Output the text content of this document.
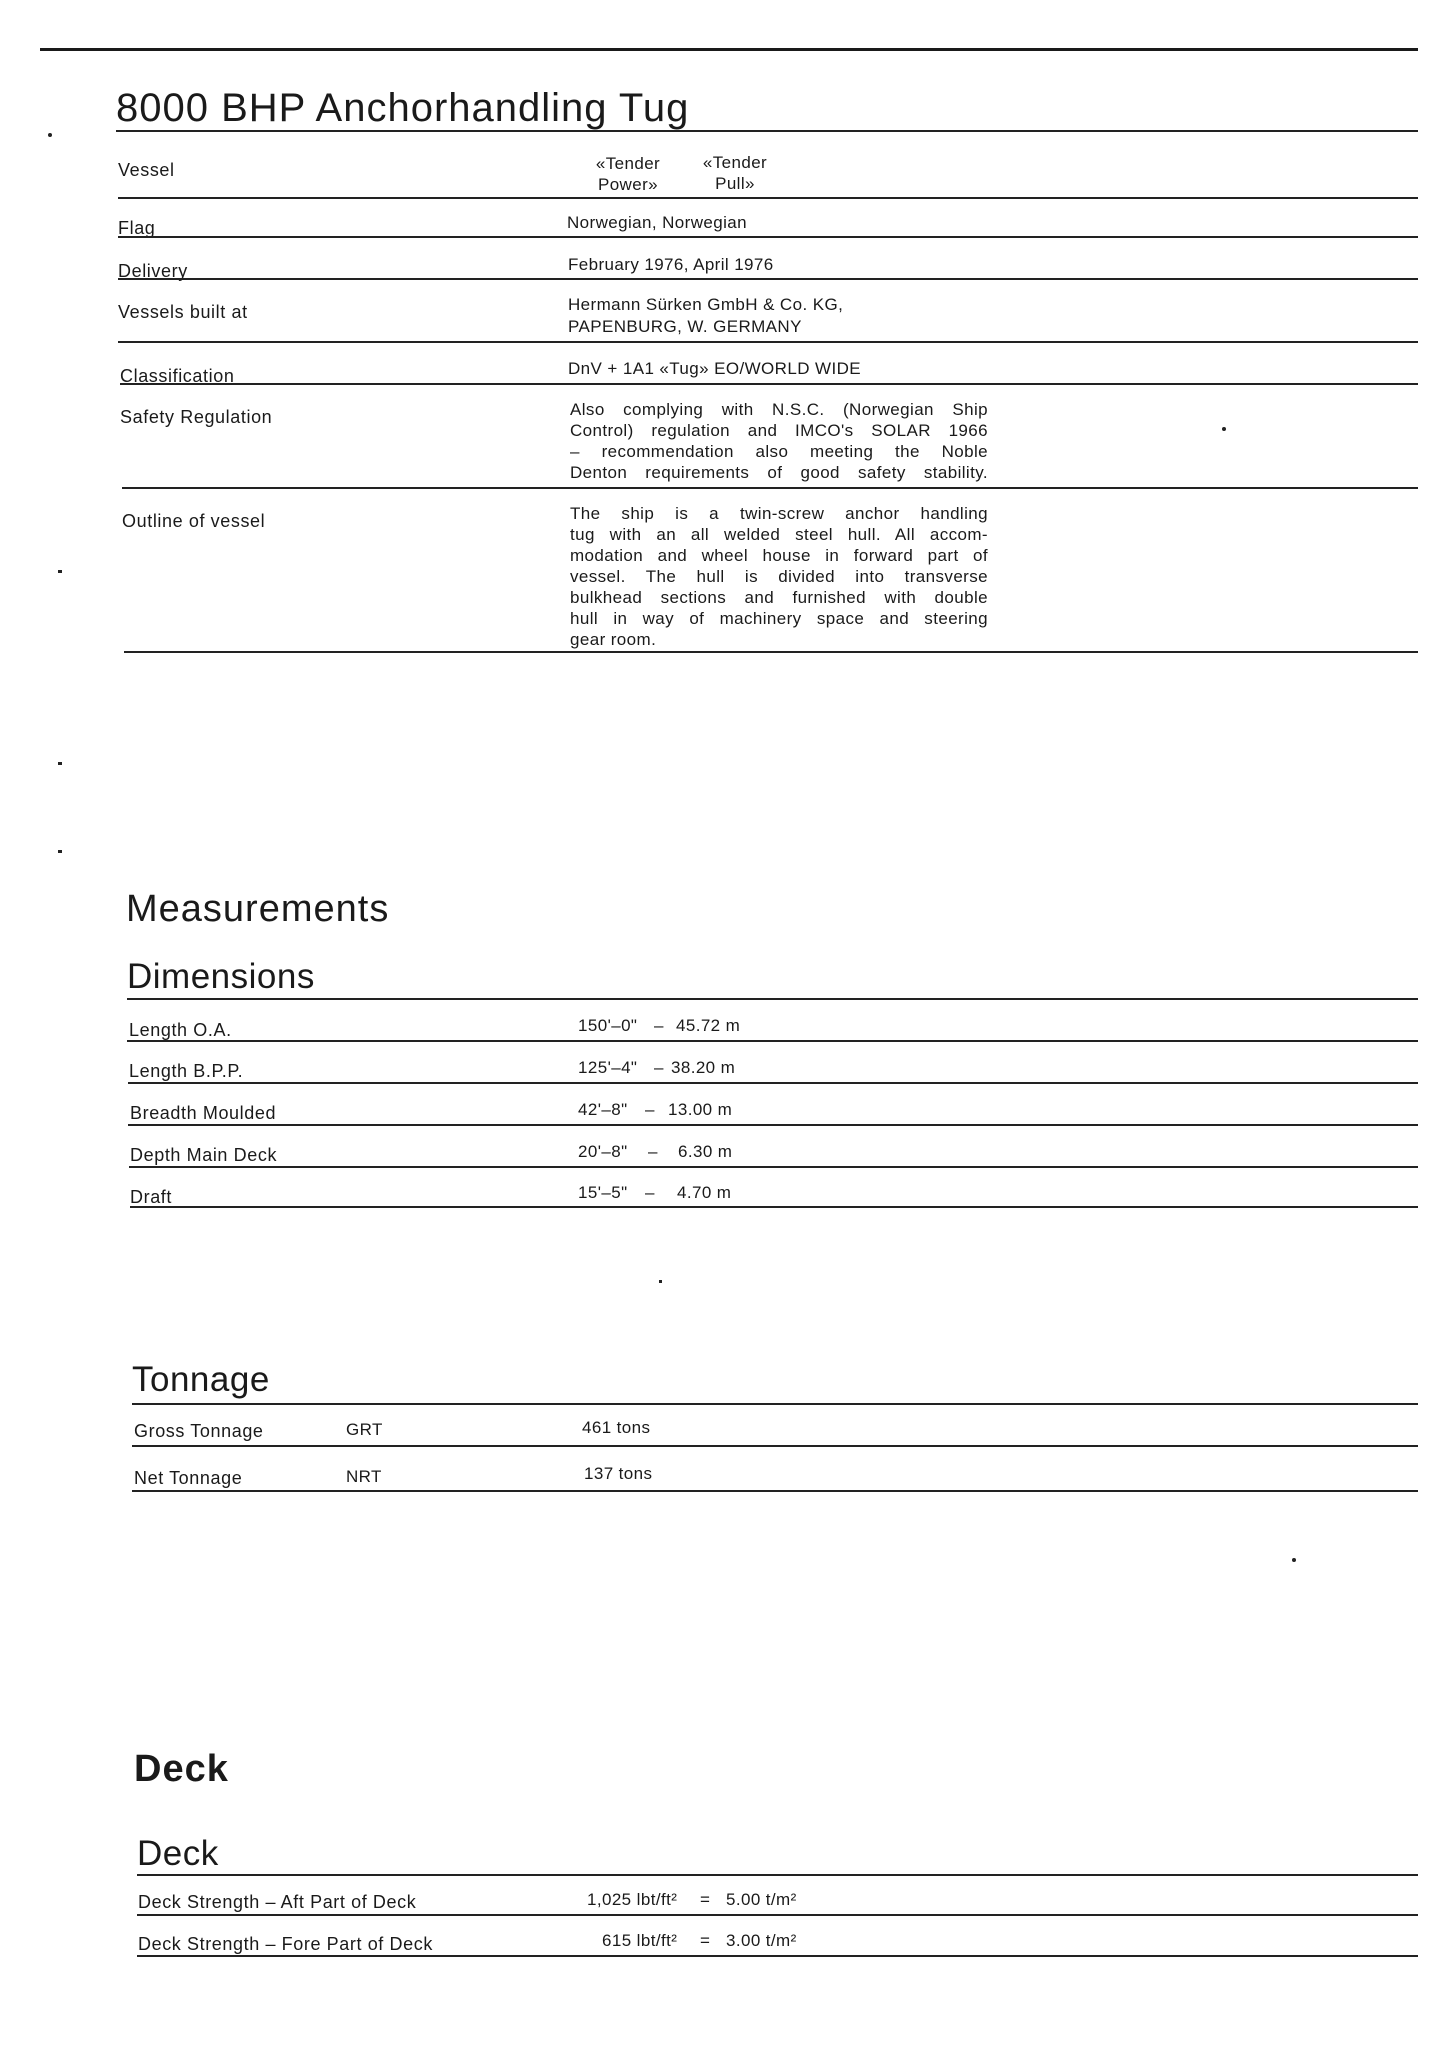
8000 BHP Anchorhandling Tug
Vessel	«Tender
Power»
«Tender
Pull»
Flag	Norwegian, Norwegian
Delivery	February 1976, April 1976
Vessels built at	Hermann Sürken GmbH & Co. KG,
PAPENBURG, W. GERMANY
Classification	DnV + 1A1 «Tug» EO/WORLD WIDE
Safety Regulation	Also complying with N.S.C. (Norwegian Ship
Control) regulation and IMCO's SOLAR 1966
– recommendation also meeting the Noble
Denton requirements of good safety stability.
Outline of vessel	The ship is a twin-screw anchor handling
tug with an all welded steel hull. All accom-
modation and wheel house in forward part of
vessel. The hull is divided into transverse
bulkhead sections and furnished with double
hull in way of machinery space and steering
gear room.
Measurements
Dimensions
Length O.A.	150'–0" – 45.72 m
Length B.P.P.	125'–4" – 38.20 m
Breadth Moulded	42'–8" – 13.00 m
Depth Main Deck	20'–8" – 6.30 m
Draft	15'–5" – 4.70 m
Tonnage
Gross Tonnage	GRT	461 tons
Net Tonnage	NRT	137 tons
Deck
Deck
Deck Strength – Aft Part of Deck	1,025 lbt/ft² = 5.00 t/m²
Deck Strength – Fore Part of Deck	615 lbt/ft² = 3.00 t/m²
